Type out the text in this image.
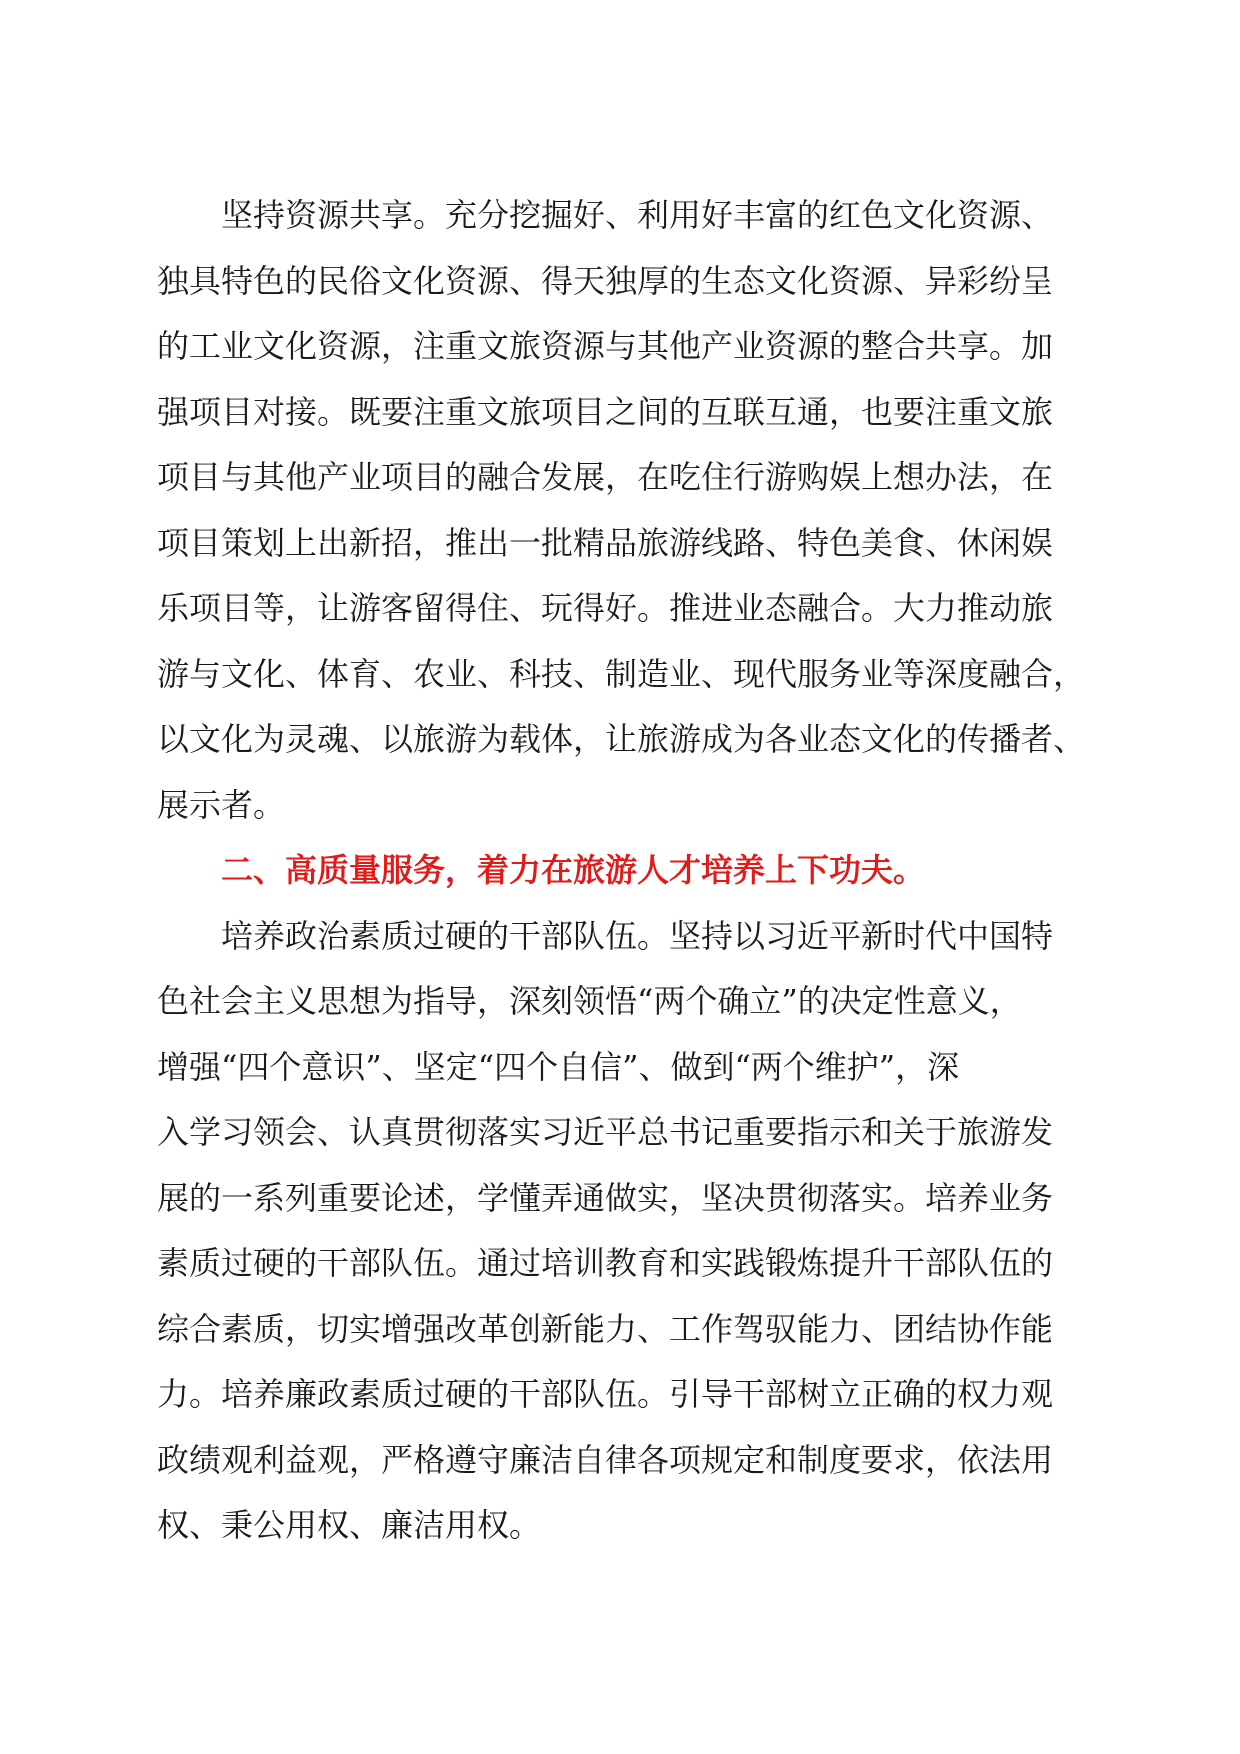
坚持资源共享。充分挖掘好、利用好丰富的红色文化资源、
独具特色的民俗文化资源、得天独厚的生态文化资源、异彩纷呈
的工业文化资源，注重文旅资源与其他产业资源的整合共享。加
强项目对接。既要注重文旅项目之间的互联互通，也要注重文旅
项目与其他产业项目的融合发展，在吃住行游购娱上想办法，在
项目策划上出新招，推出一批精品旅游线路、特色美食、休闲娱
乐项目等，让游客留得住、玩得好。推进业态融合。大力推动旅
游与文化、体育、农业、科技、制造业、现代服务业等深度融合，
以文化为灵魂、以旅游为载体，让旅游成为各业态文化的传播者、
展示者。
二、高质量服务，着力在旅游人才培养上下功夫。
培养政治素质过硬的干部队伍。坚持以习近平新时代中国特
色社会主义思想为指导，深刻领悟“两个确立”的决定性意义，
增强“四个意识”、坚定“四个自信”、做到“两个维护”，深
入学习领会、认真贯彻落实习近平总书记重要指示和关于旅游发
展的一系列重要论述，学懂弄通做实，坚决贯彻落实。培养业务
素质过硬的干部队伍。通过培训教育和实践锻炼提升干部队伍的
综合素质，切实增强改革创新能力、工作驾驭能力、团结协作能
力。培养廉政素质过硬的干部队伍。引导干部树立正确的权力观
政绩观利益观，严格遵守廉洁自律各项规定和制度要求，依法用
权、秉公用权、廉洁用权。
